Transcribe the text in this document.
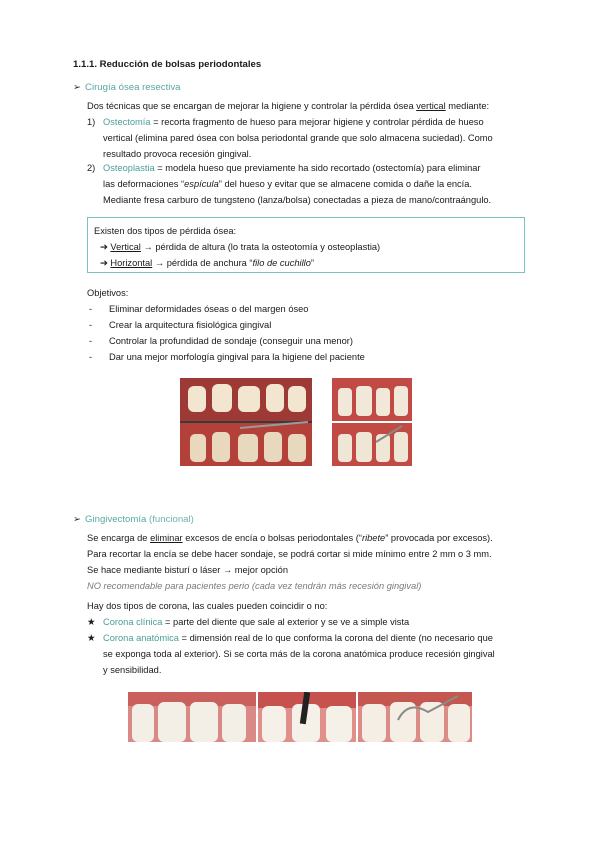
1.1.1. Reducción de bolsas periodontales
➢ Cirugía ósea resectiva
Dos técnicas que se encargan de mejorar la higiene y controlar la pérdida ósea vertical mediante:
1) Ostectomía = recorta fragmento de hueso para mejorar higiene y controlar pérdida de hueso
vertical (elimina pared ósea con bolsa periodontal grande que solo almacena suciedad). Como
resultado provoca recesión gingival.
2) Osteoplastia = modela hueso que previamente ha sido recortado (ostectomía) para eliminar
las deformaciones “espícula” del hueso y evitar que se almacene comida o dañe la encía.
Mediante fresa carburo de tungsteno (lanza/bolsa) conectadas a pieza de mano/contraángulo.
Existen dos tipos de pérdida ósea:
➔ Vertical → pérdida de altura (lo trata la osteotomía y osteoplastia)
➔ Horizontal → pérdida de anchura “filo de cuchillo”
Objetivos:
- Eliminar deformidades óseas o del margen óseo
- Crear la arquitectura fisiológica gingival
- Controlar la profundidad de sondaje (conseguir una menor)
- Dar una mejor morfología gingival para la higiene del paciente
➢ Gingivectomía (funcional)
Se encarga de eliminar excesos de encía o bolsas periodontales (“ribete” provocada por excesos).
Para recortar la encía se debe hacer sondaje, se podrá cortar si mide mínimo entre 2 mm o 3 mm.
Se hace mediante bisturí o láser → mejor opción
NO recomendable para pacientes perio (cada vez tendrán más recesión gingival)
Hay dos tipos de corona, las cuales pueden coincidir o no:
★ Corona clínica = parte del diente que sale al exterior y se ve a simple vista
★ Corona anatómica = dimensión real de lo que conforma la corona del diente (no necesario que
se exponga toda al exterior). Si se corta más de la corona anatómica produce recesión gingival
y sensibilidad.
